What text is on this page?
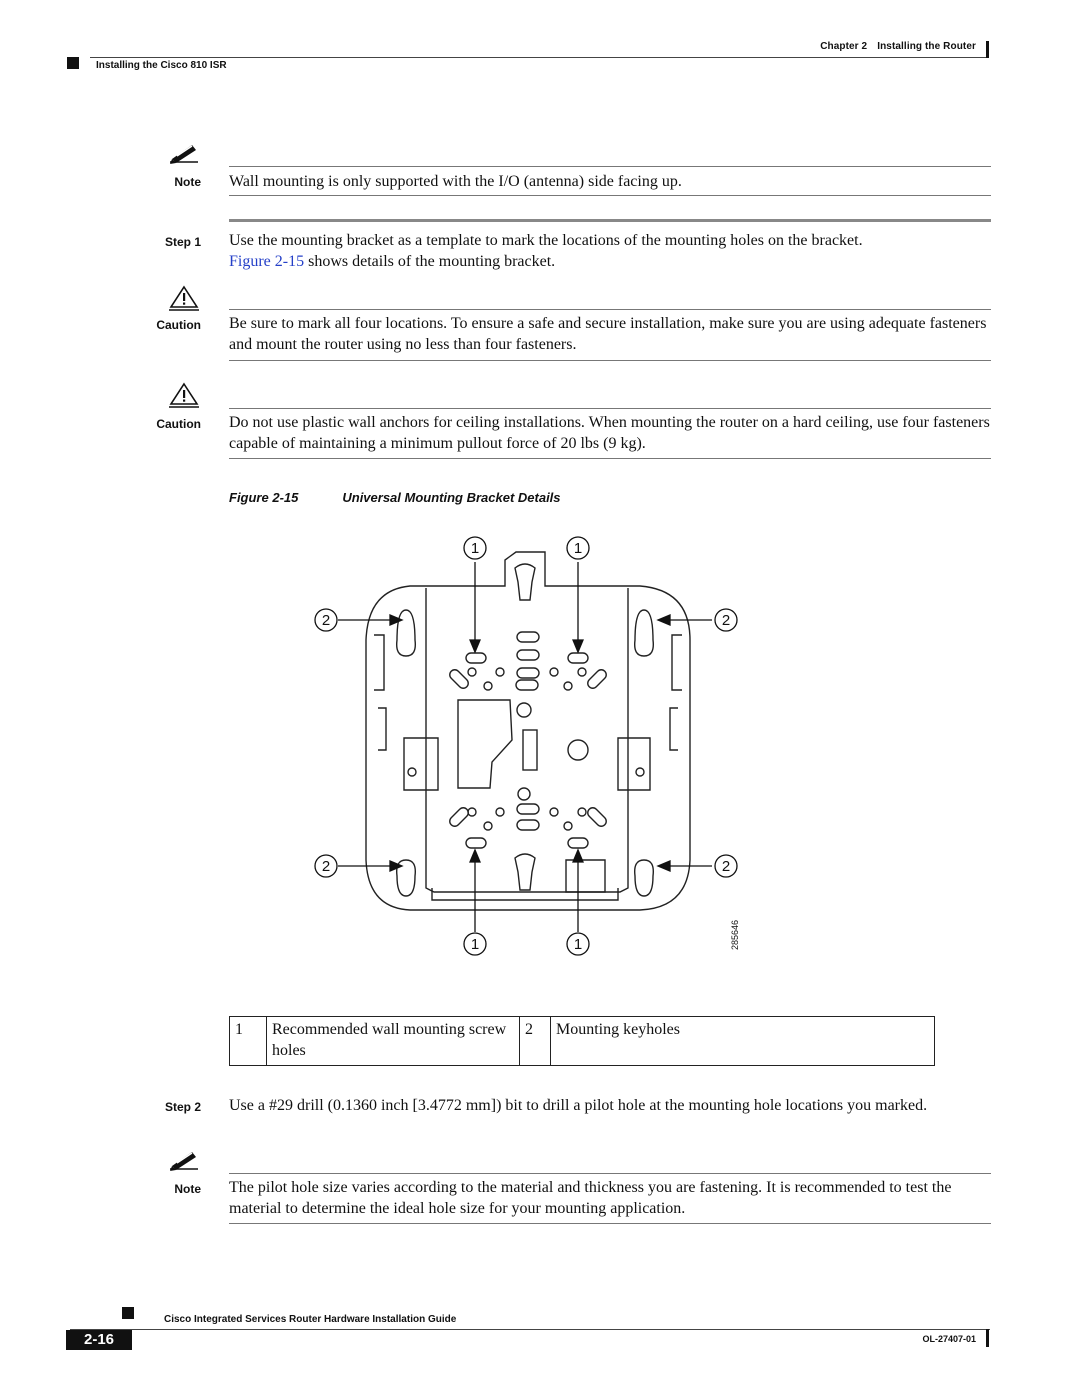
Chapter 2 Installing the Router
Installing the Cisco 810 ISR
Note Wall mounting is only supported with the I/O (antenna) side facing up.
Step 1 Use the mounting bracket as a template to mark the locations of the mounting holes on the bracket.
Figure 2-15 shows details of the mounting bracket.
Caution Be sure to mark all four locations. To ensure a safe and secure installation, make sure you are using adequate fasteners and mount the router using no less than four fasteners.
Caution Do not use plastic wall anchors for ceiling installations. When mounting the router on a hard ceiling, use four fasteners capable of maintaining a minimum pullout force of 20 lbs (9 kg).
Figure 2-15	Universal Mounting Bracket Details
1	1
1	1
2	2
2	2
285646
1	Recommended wall mounting screw holes	2	Mounting keyholes
Step 2 Use a #29 drill (0.1360 inch [3.4772 mm]) bit to drill a pilot hole at the mounting hole locations you marked.
Note The pilot hole size varies according to the material and thickness you are fastening. It is recommended to test the material to determine the ideal hole size for your mounting application.
Cisco Integrated Services Router Hardware Installation Guide
2-16	OL-27407-01
